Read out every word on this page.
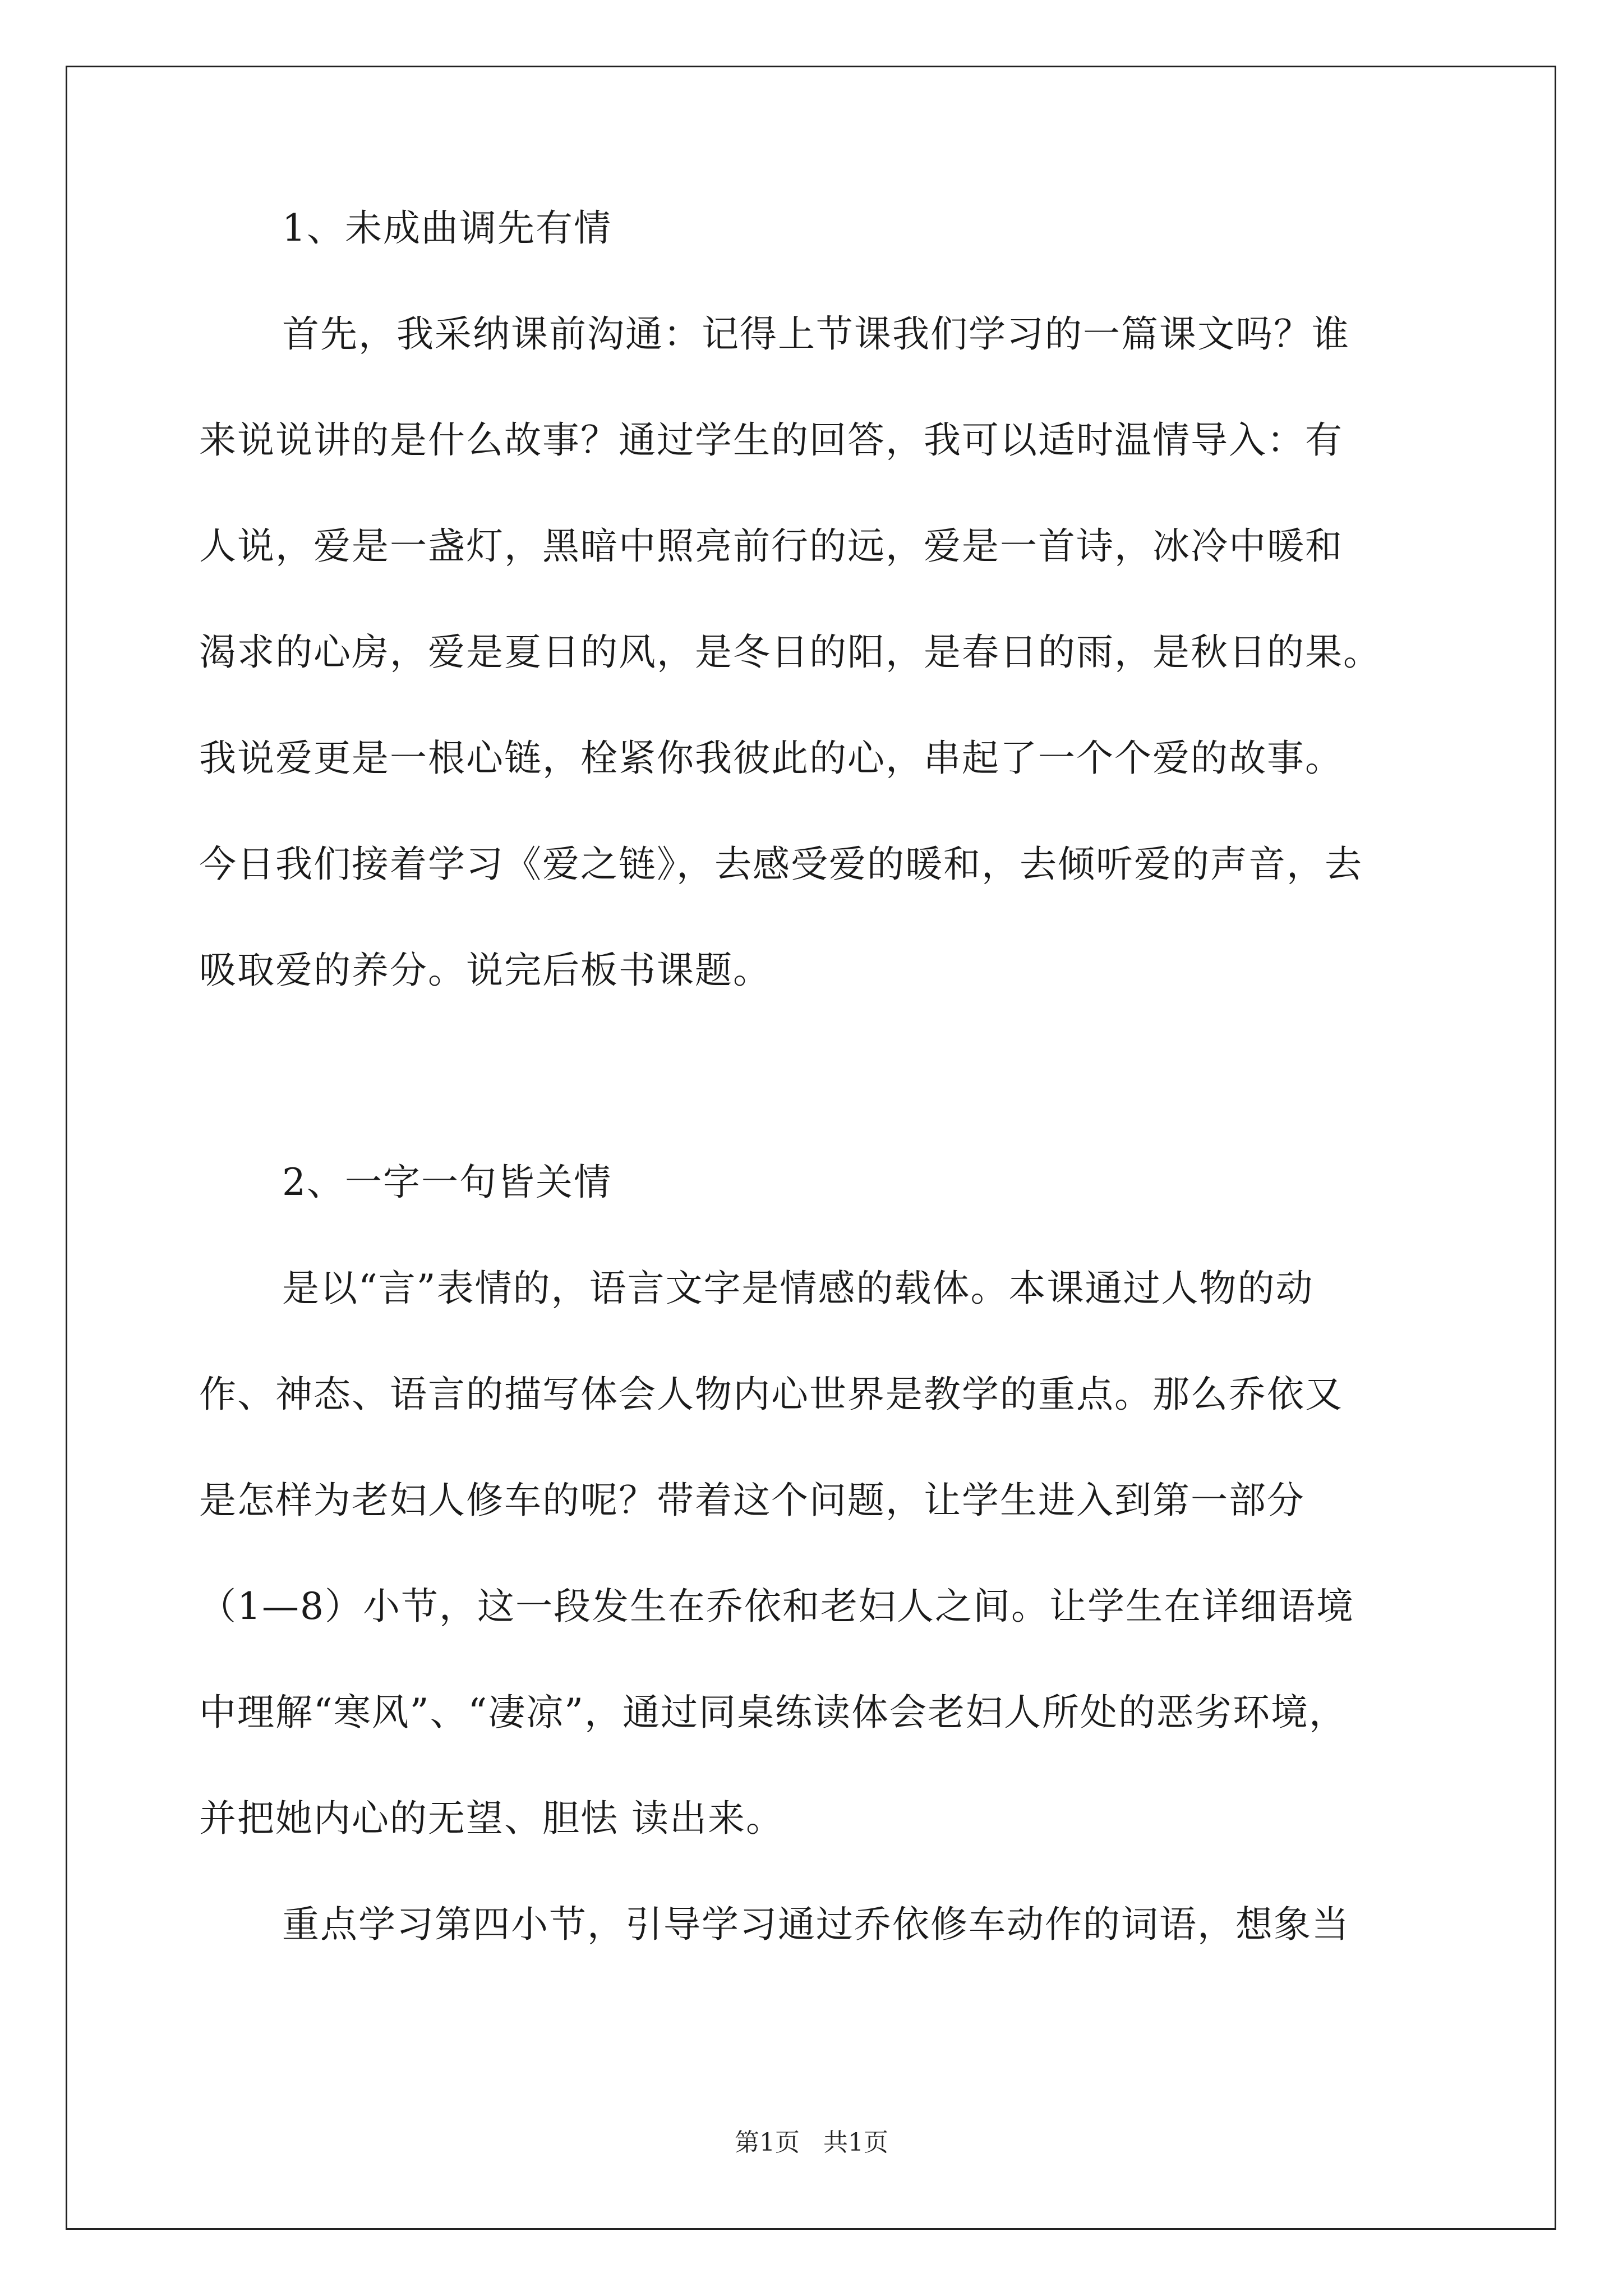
1、未成曲调先有情

首先，我采纳课前沟通：记得上节课我们学习的一篇课文吗？谁

来说说讲的是什么故事？通过学生的回答，我可以适时温情导入：有

人说，爱是一盏灯，黑暗中照亮前行的远，爱是一首诗，冰冷中暖和

渴求的心房，爱是夏日的风，是冬日的阳，是春日的雨，是秋日的果。

我说爱更是一根心链，栓紧你我彼此的心，串起了一个个爱的故事。

今日我们接着学习《爱之链》，去感受爱的暖和，去倾听爱的声音，去

吸取爱的养分。说完后板书课题。

2、一字一句皆关情

是以“言”表情的，语言文字是情感的载体。本课通过人物的动

作、神态、语言的描写体会人物内心世界是教学的重点。那么乔依又

是怎样为老妇人修车的呢？带着这个问题，让学生进入到第一部分

（1—8）小节，这一段发生在乔依和老妇人之间。让学生在详细语境

中理解“寒风”、“凄凉”，通过同桌练读体会老妇人所处的恶劣环境，

并把她内心的无望、胆怯 读出来。

重点学习第四小节，引导学习通过乔依修车动作的词语，想象当

第1页   共1页
